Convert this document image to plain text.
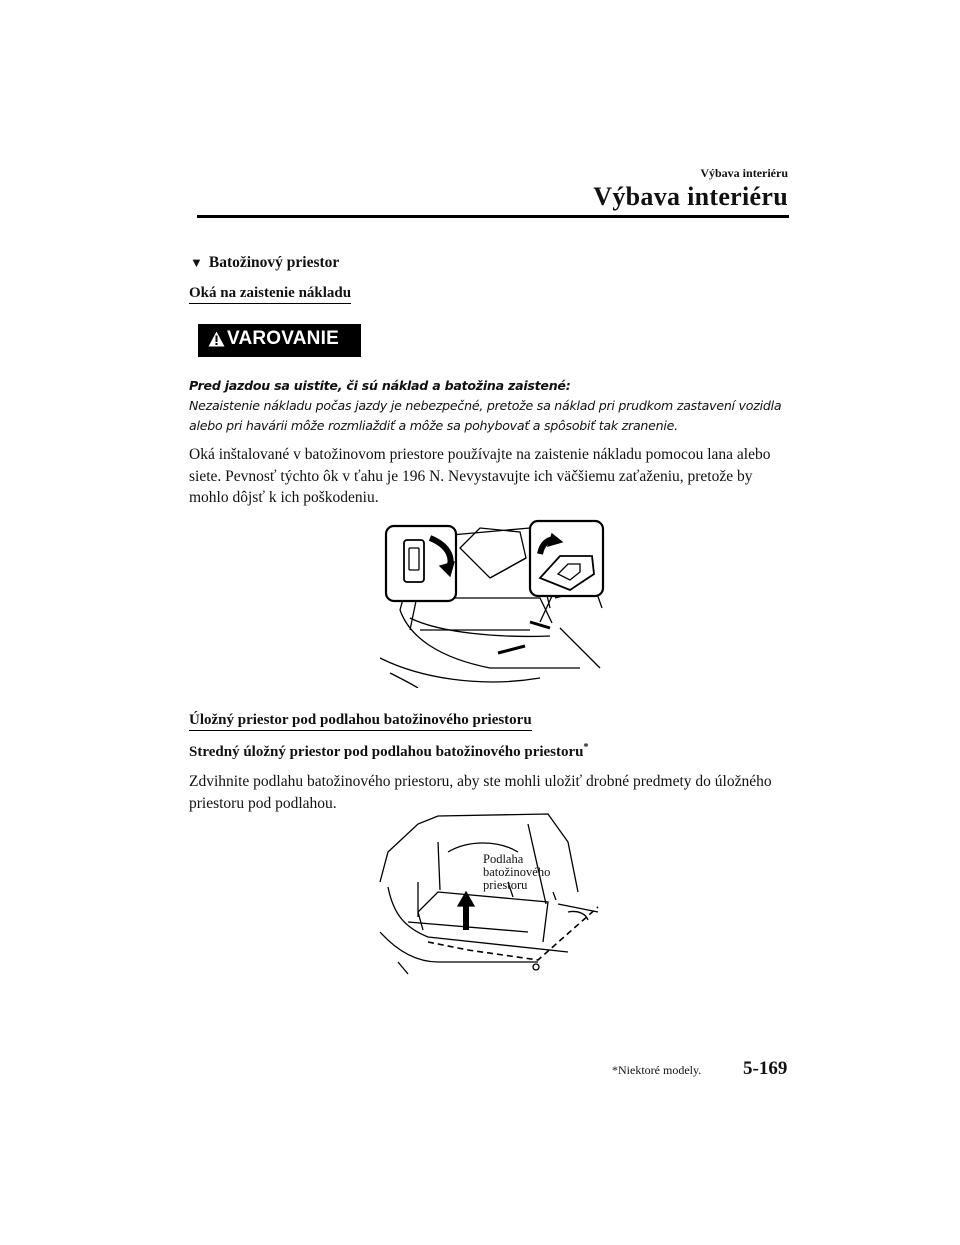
Výbava interiéru
Výbava interiéru
▼ Batožinový priestor
Oká na zaistenie nákladu
VAROVANIE
Pred jazdou sa uistite, či sú náklad a batožina zaistené:
Nezaistenie nákladu počas jazdy je nebezpečné, pretože sa náklad pri prudkom zastavení vozidla alebo pri havárii môže rozmliaždiť a môže sa pohybovať a spôsobiť tak zranenie.
Oká inštalované v batožinovom priestore používajte na zaistenie nákladu pomocou lana alebo siete. Pevnosť týchto ôk v ťahu je 196 N. Nevystavujte ich väčšiemu zaťaženiu, pretože by mohlo dôjsť k ich poškodeniu.
Úložný priestor pod podlahou batožinového priestoru
Stredný úložný priestor pod podlahou batožinového priestoru*
Zdvihnite podlahu batožinového priestoru, aby ste mohli uložiť drobné predmety do úložného priestoru pod podlahou.
Podlaha
batožinového
priestoru
*Niektoré modely. 5-169
